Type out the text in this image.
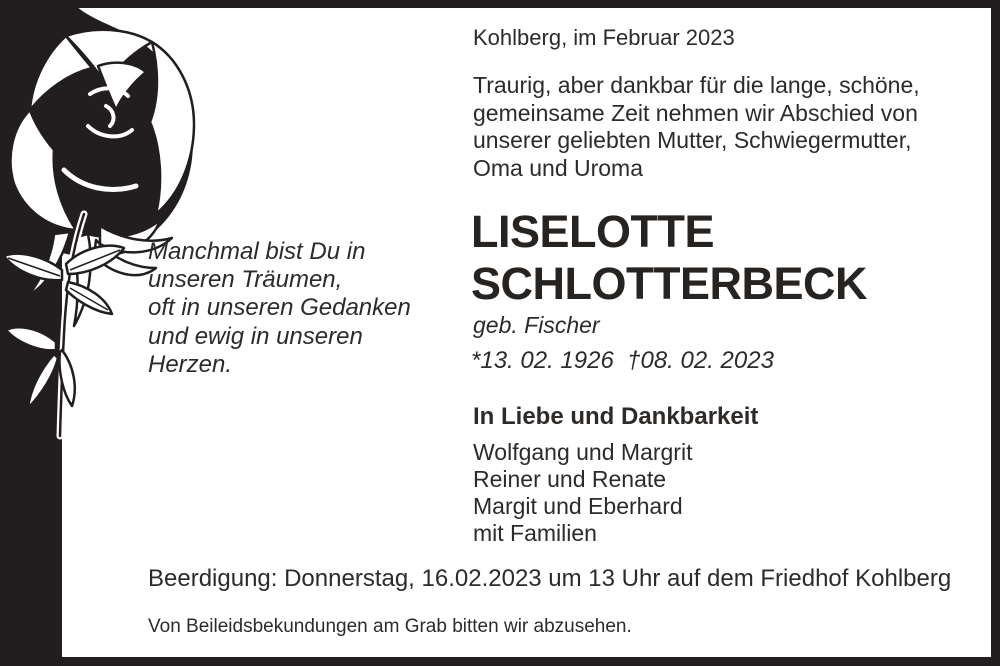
Kohlberg, im Februar 2023
Traurig, aber dankbar für die lange, schöne,
gemeinsame Zeit nehmen wir Abschied von
unserer geliebten Mutter, Schwiegermutter,
Oma und Uroma
LISELOTTE
SCHLOTTERBECK
geb. Fischer
*13. 02. 1926  †08. 02. 2023
Manchmal bist Du in
unseren Träumen,
oft in unseren Gedanken
und ewig in unseren
Herzen.
In Liebe und Dankbarkeit
Wolfgang und Margrit
Reiner und Renate
Margit und Eberhard
mit Familien
Beerdigung: Donnerstag, 16.02.2023 um 13 Uhr auf dem Friedhof Kohlberg
Von Beileidsbekundungen am Grab bitten wir abzusehen.
